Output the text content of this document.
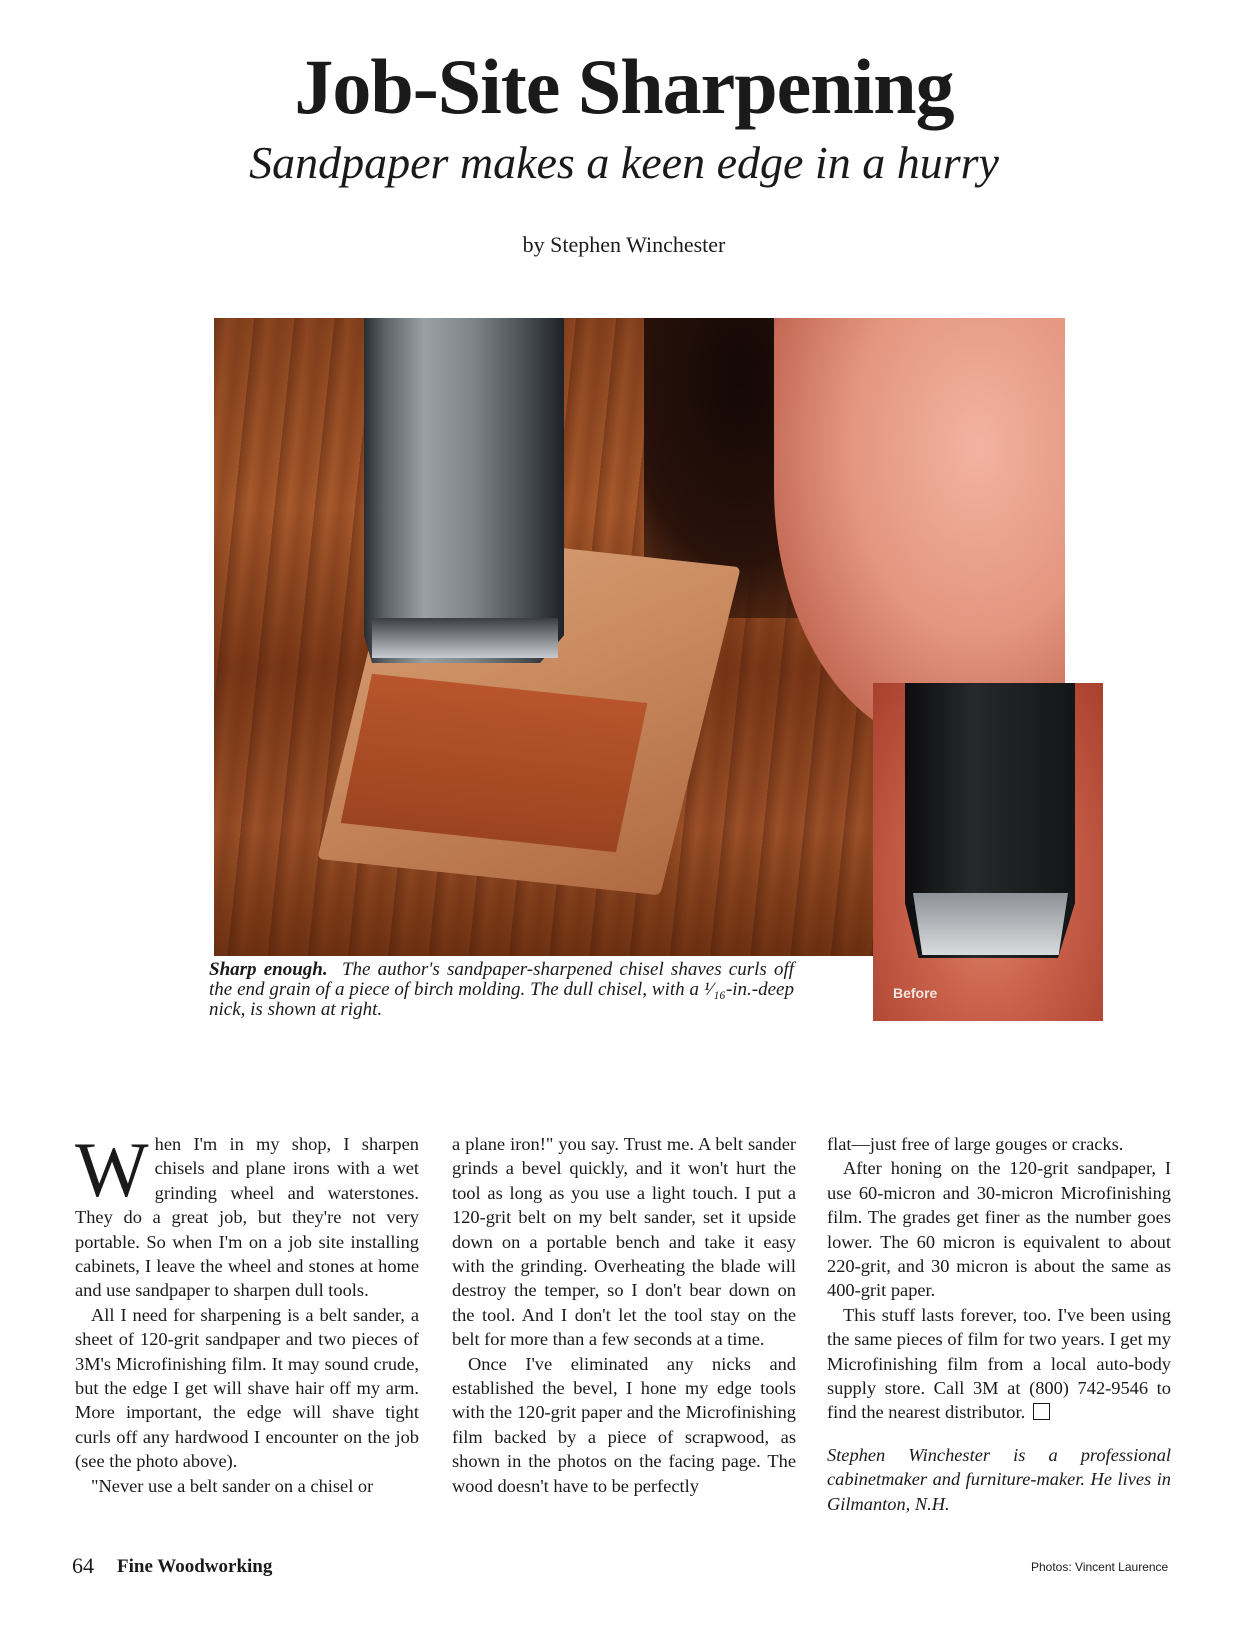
Job-Site Sharpening
Sandpaper makes a keen edge in a hurry
by Stephen Winchester
Before
Sharp enough. The author's sandpaper-sharpened chisel shaves curls off the end grain of a piece of birch molding. The dull chisel, with a ¹⁄₁₆-in.-deep nick, is shown at right.

When I'm in my shop, I sharpen chisels and plane irons with a wet grinding wheel and waterstones. They do a great job, but they're not very portable. So when I'm on a job site installing cabinets, I leave the wheel and stones at home and use sandpaper to sharpen dull tools.

All I need for sharpening is a belt sander, a sheet of 120-grit sandpaper and two pieces of 3M's Microfinishing film. It may sound crude, but the edge I get will shave hair off my arm. More important, the edge will shave tight curls off any hardwood I encounter on the job (see the photo above).

"Never use a belt sander on a chisel or

a plane iron!" you say. Trust me. A belt sander grinds a bevel quickly, and it won't hurt the tool as long as you use a light touch. I put a 120-grit belt on my belt sander, set it upside down on a portable bench and take it easy with the grinding. Overheating the blade will destroy the temper, so I don't bear down on the tool. And I don't let the tool stay on the belt for more than a few seconds at a time.

Once I've eliminated any nicks and established the bevel, I hone my edge tools with the 120-grit paper and the Microfinishing film backed by a piece of scrapwood, as shown in the photos on the facing page. The wood doesn't have to be perfectly

flat—just free of large gouges or cracks.

After honing on the 120-grit sandpaper, I use 60-micron and 30-micron Microfinishing film. The grades get finer as the number goes lower. The 60 micron is equivalent to about 220-grit, and 30 micron is about the same as 400-grit paper.

This stuff lasts forever, too. I've been using the same pieces of film for two years. I get my Microfinishing film from a local auto-body supply store. Call 3M at (800) 742-9546 to find the nearest distributor.

Stephen Winchester is a professional cabinetmaker and furniture-maker. He lives in Gilmanton, N.H.

64 Fine Woodworking	Photos: Vincent Laurence
